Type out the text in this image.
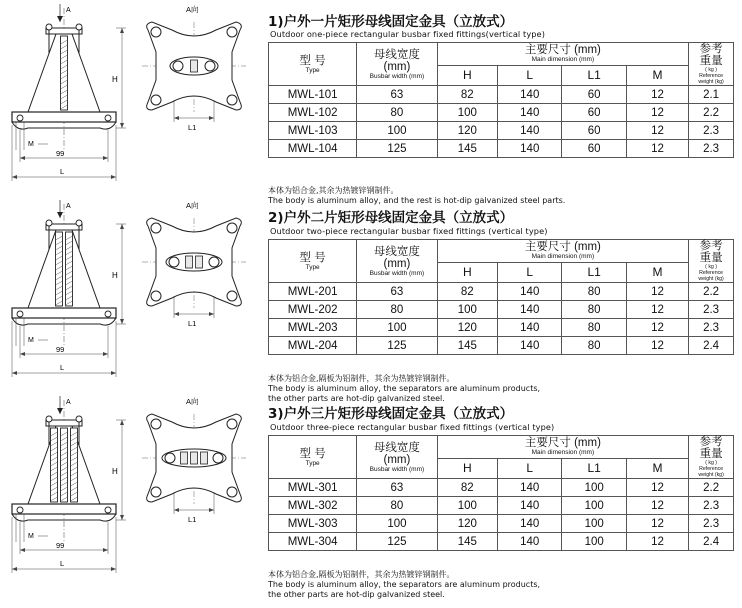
A
H
M
99
L
A向
L1
1)户外一片矩形母线固定金具（立放式）
Outdoor one-piece rectangular busbar fixed fittings(vertical type)
型 号
Type	母线宽度
(mm)
Busbar width (mm)	主要尺寸 (mm)
Main dimension (mm)				参考
重量
( kg )
Reference
weight (kg)

		H	L	L1	M	
MWL-101	63	82	140	60	12	2.1
MWL-102	80	100	140	60	12	2.2
MWL-103	100	120	140	60	12	2.3
MWL-104	125	145	140	60	12	2.3
本体为铝合金,其余为热镀锌钢制件。
The body is aluminum alloy, and the rest is hot-dip galvanized steel parts.
A
H
M
99
L
A向
L1
2)户外二片矩形母线固定金具（立放式）
Outdoor two-piece rectangular busbar fixed fittings (vertical type)
型 号
Type	母线宽度
(mm)
Busbar width (mm)	主要尺寸 (mm)
Main dimension (mm)				参考
重量
( kg )
Reference
weight (kg)

		H	L	L1	M	
MWL-201	63	82	140	80	12	2.2
MWL-202	80	100	140	80	12	2.3
MWL-203	100	120	140	80	12	2.3
MWL-204	125	145	140	80	12	2.4
本体为铝合金,隔板为铝制件，其余为热镀锌钢制件。
The body is aluminum alloy, the separators are aluminum products,
the other parts are hot-dip galvanized steel.
A
H
M
99
L
A向
L1
3)户外三片矩形母线固定金具（立放式）
Outdoor three-piece rectangular busbar fixed fittings (vertical type)
型 号
Type	母线宽度
(mm)
Busbar width (mm)	主要尺寸 (mm)
Main dimension (mm)				参考
重量
( kg )
Reference
weight (kg)

		H	L	L1	M	
MWL-301	63	82	140	100	12	2.2
MWL-302	80	100	140	100	12	2.3
MWL-303	100	120	140	100	12	2.3
MWL-304	125	145	140	100	12	2.4
本体为铝合金,隔板为铝制件，其余为热镀锌钢制件。
The body is aluminum alloy, the separators are aluminum products,
the other parts are hot-dip galvanized steel.
